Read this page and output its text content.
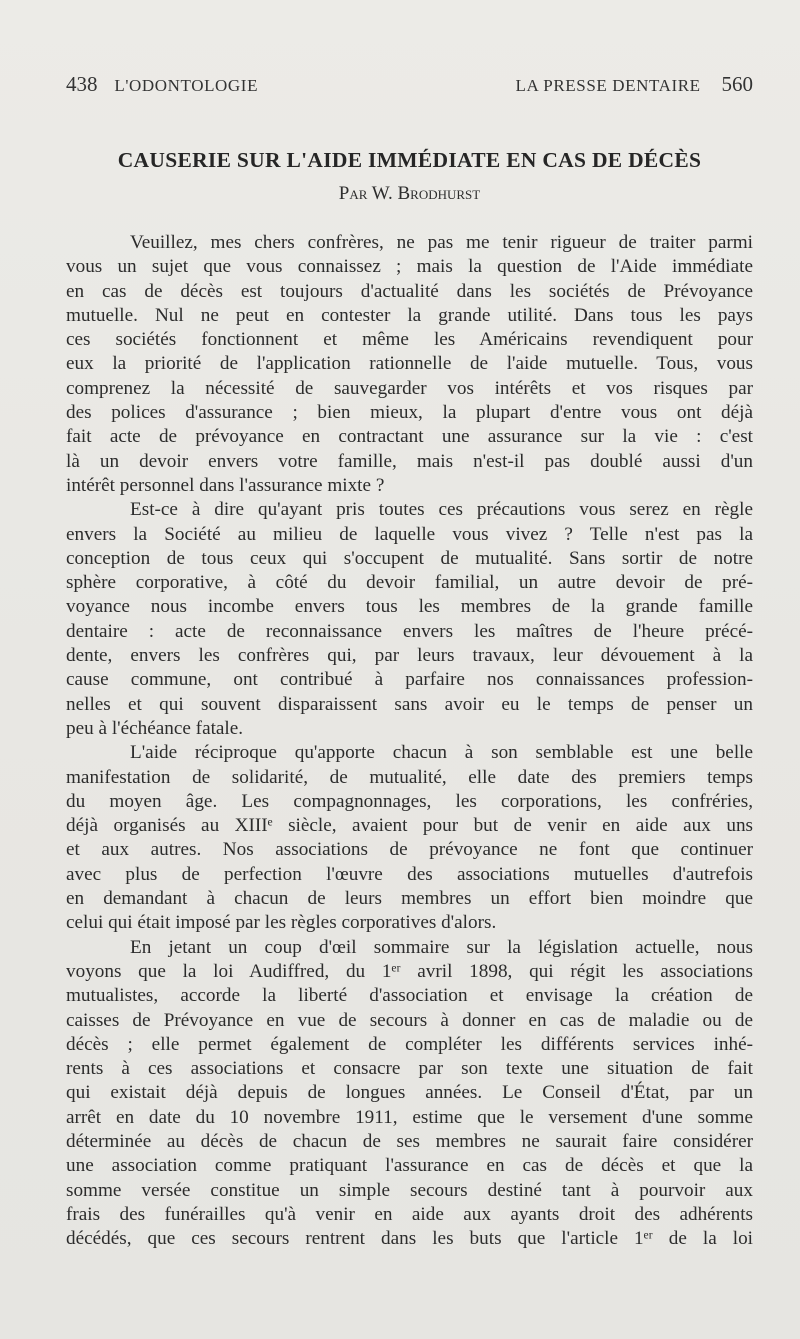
438 L'ODONTOLOGIE	LA PRESSE DENTAIRE 560
CAUSERIE SUR L'AIDE IMMÉDIATE EN CAS DE DÉCÈS
Par W. Brodhurst

Veuillez, mes chers confrères, ne pas me tenir rigueur de traiter parmi
vous un sujet que vous connaissez ; mais la question de l'Aide immédiate
en cas de décès est toujours d'actualité dans les sociétés de Prévoyance
mutuelle. Nul ne peut en contester la grande utilité. Dans tous les pays
ces sociétés fonctionnent et même les Américains revendiquent pour
eux la priorité de l'application rationnelle de l'aide mutuelle. Tous, vous
comprenez la nécessité de sauvegarder vos intérêts et vos risques par
des polices d'assurance ; bien mieux, la plupart d'entre vous ont déjà
fait acte de prévoyance en contractant une assurance sur la vie : c'est
là un devoir envers votre famille, mais n'est-il pas doublé aussi d'un
intérêt personnel dans l'assurance mixte ?

Est-ce à dire qu'ayant pris toutes ces précautions vous serez en règle
envers la Société au milieu de laquelle vous vivez ? Telle n'est pas la
conception de tous ceux qui s'occupent de mutualité. Sans sortir de notre
sphère corporative, à côté du devoir familial, un autre devoir de pré-
voyance nous incombe envers tous les membres de la grande famille
dentaire : acte de reconnaissance envers les maîtres de l'heure précé-
dente, envers les confrères qui, par leurs travaux, leur dévouement à la
cause commune, ont contribué à parfaire nos connaissances profession-
nelles et qui souvent disparaissent sans avoir eu le temps de penser un
peu à l'échéance fatale.

L'aide réciproque qu'apporte chacun à son semblable est une belle
manifestation de solidarité, de mutualité, elle date des premiers temps
du moyen âge. Les compagnonnages, les corporations, les confréries,
déjà organisés au XIIIᵉ siècle, avaient pour but de venir en aide aux uns
et aux autres. Nos associations de prévoyance ne font que continuer
avec plus de perfection l'œuvre des associations mutuelles d'autrefois
en demandant à chacun de leurs membres un effort bien moindre que
celui qui était imposé par les règles corporatives d'alors.

En jetant un coup d'œil sommaire sur la législation actuelle, nous
voyons que la loi Audiffred, du 1ᵉʳ avril 1898, qui régit les associations
mutualistes, accorde la liberté d'association et envisage la création de
caisses de Prévoyance en vue de secours à donner en cas de maladie ou de
décès ; elle permet également de compléter les différents services inhé-
rents à ces associations et consacre par son texte une situation de fait
qui existait déjà depuis de longues années. Le Conseil d'État, par un
arrêt en date du 10 novembre 1911, estime que le versement d'une somme
déterminée au décès de chacun de ses membres ne saurait faire considérer
une association comme pratiquant l'assurance en cas de décès et que la
somme versée constitue un simple secours destiné tant à pourvoir aux
frais des funérailles qu'à venir en aide aux ayants droit des adhérents
décédés, que ces secours rentrent dans les buts que l'article 1ᵉʳ de la loi
